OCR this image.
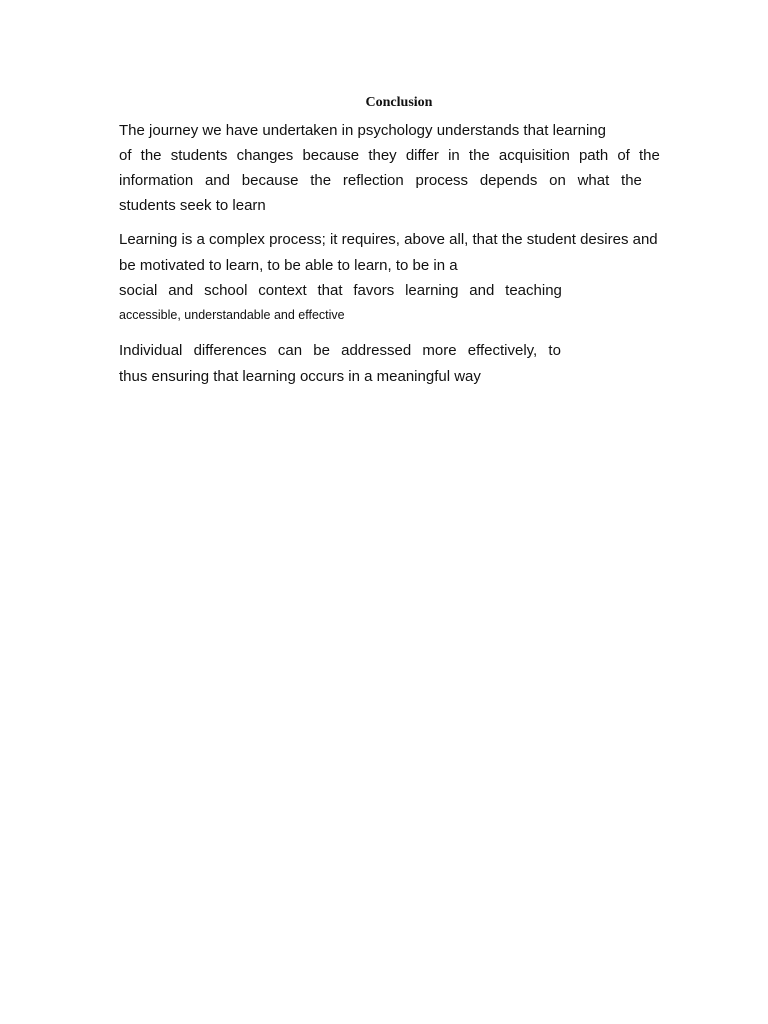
Conclusion
The journey we have undertaken in psychology understands that learning
of the students changes because they differ in the acquisition path of the
information and because the reflection process depends on what the
students seek to learn
Learning is a complex process; it requires, above all, that the student desires and
be motivated to learn, to be able to learn, to be in a
social and school context that favors learning and teaching
accessible, understandable and effective
Individual differences can be addressed more effectively, to
thus ensuring that learning occurs in a meaningful way
